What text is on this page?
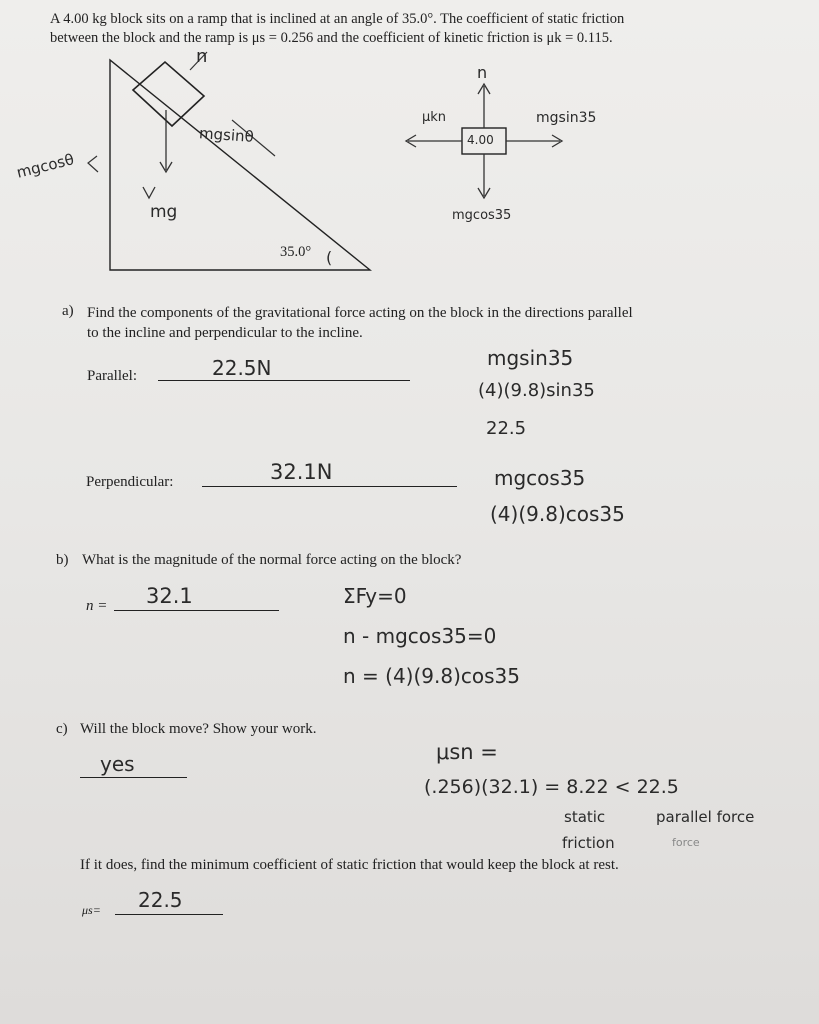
A 4.00 kg block sits on a ramp that is inclined at an angle of 35.0°. The coefficient of static friction
between the block and the ramp is μs = 0.256 and the coefficient of kinetic friction is μk = 0.115.
n
mgsinθ
mgcosθ
mg
35.0° (
n
μkn
4.00
mgsin35
mgcos35
a) Find the components of the gravitational force acting on the block in the directions parallel
to the incline and perpendicular to the incline.
Parallel:	22.5N	mgsin35
(4)(9.8)sin35
22.5
Perpendicular:	32.1N	mgcos35
(4)(9.8)cos35
b) What is the magnitude of the normal force acting on the block?
n = 32.1	ΣFy=0
n - mgcos35=0
n = (4)(9.8)cos35
c) Will the block move? Show your work.
yes	μsn =
(.256)(32.1) = 8.22 < 22.5
static
friction
parallel force
force
If it does, find the minimum coefficient of static friction that would keep the block at rest.
μs= 22.5
